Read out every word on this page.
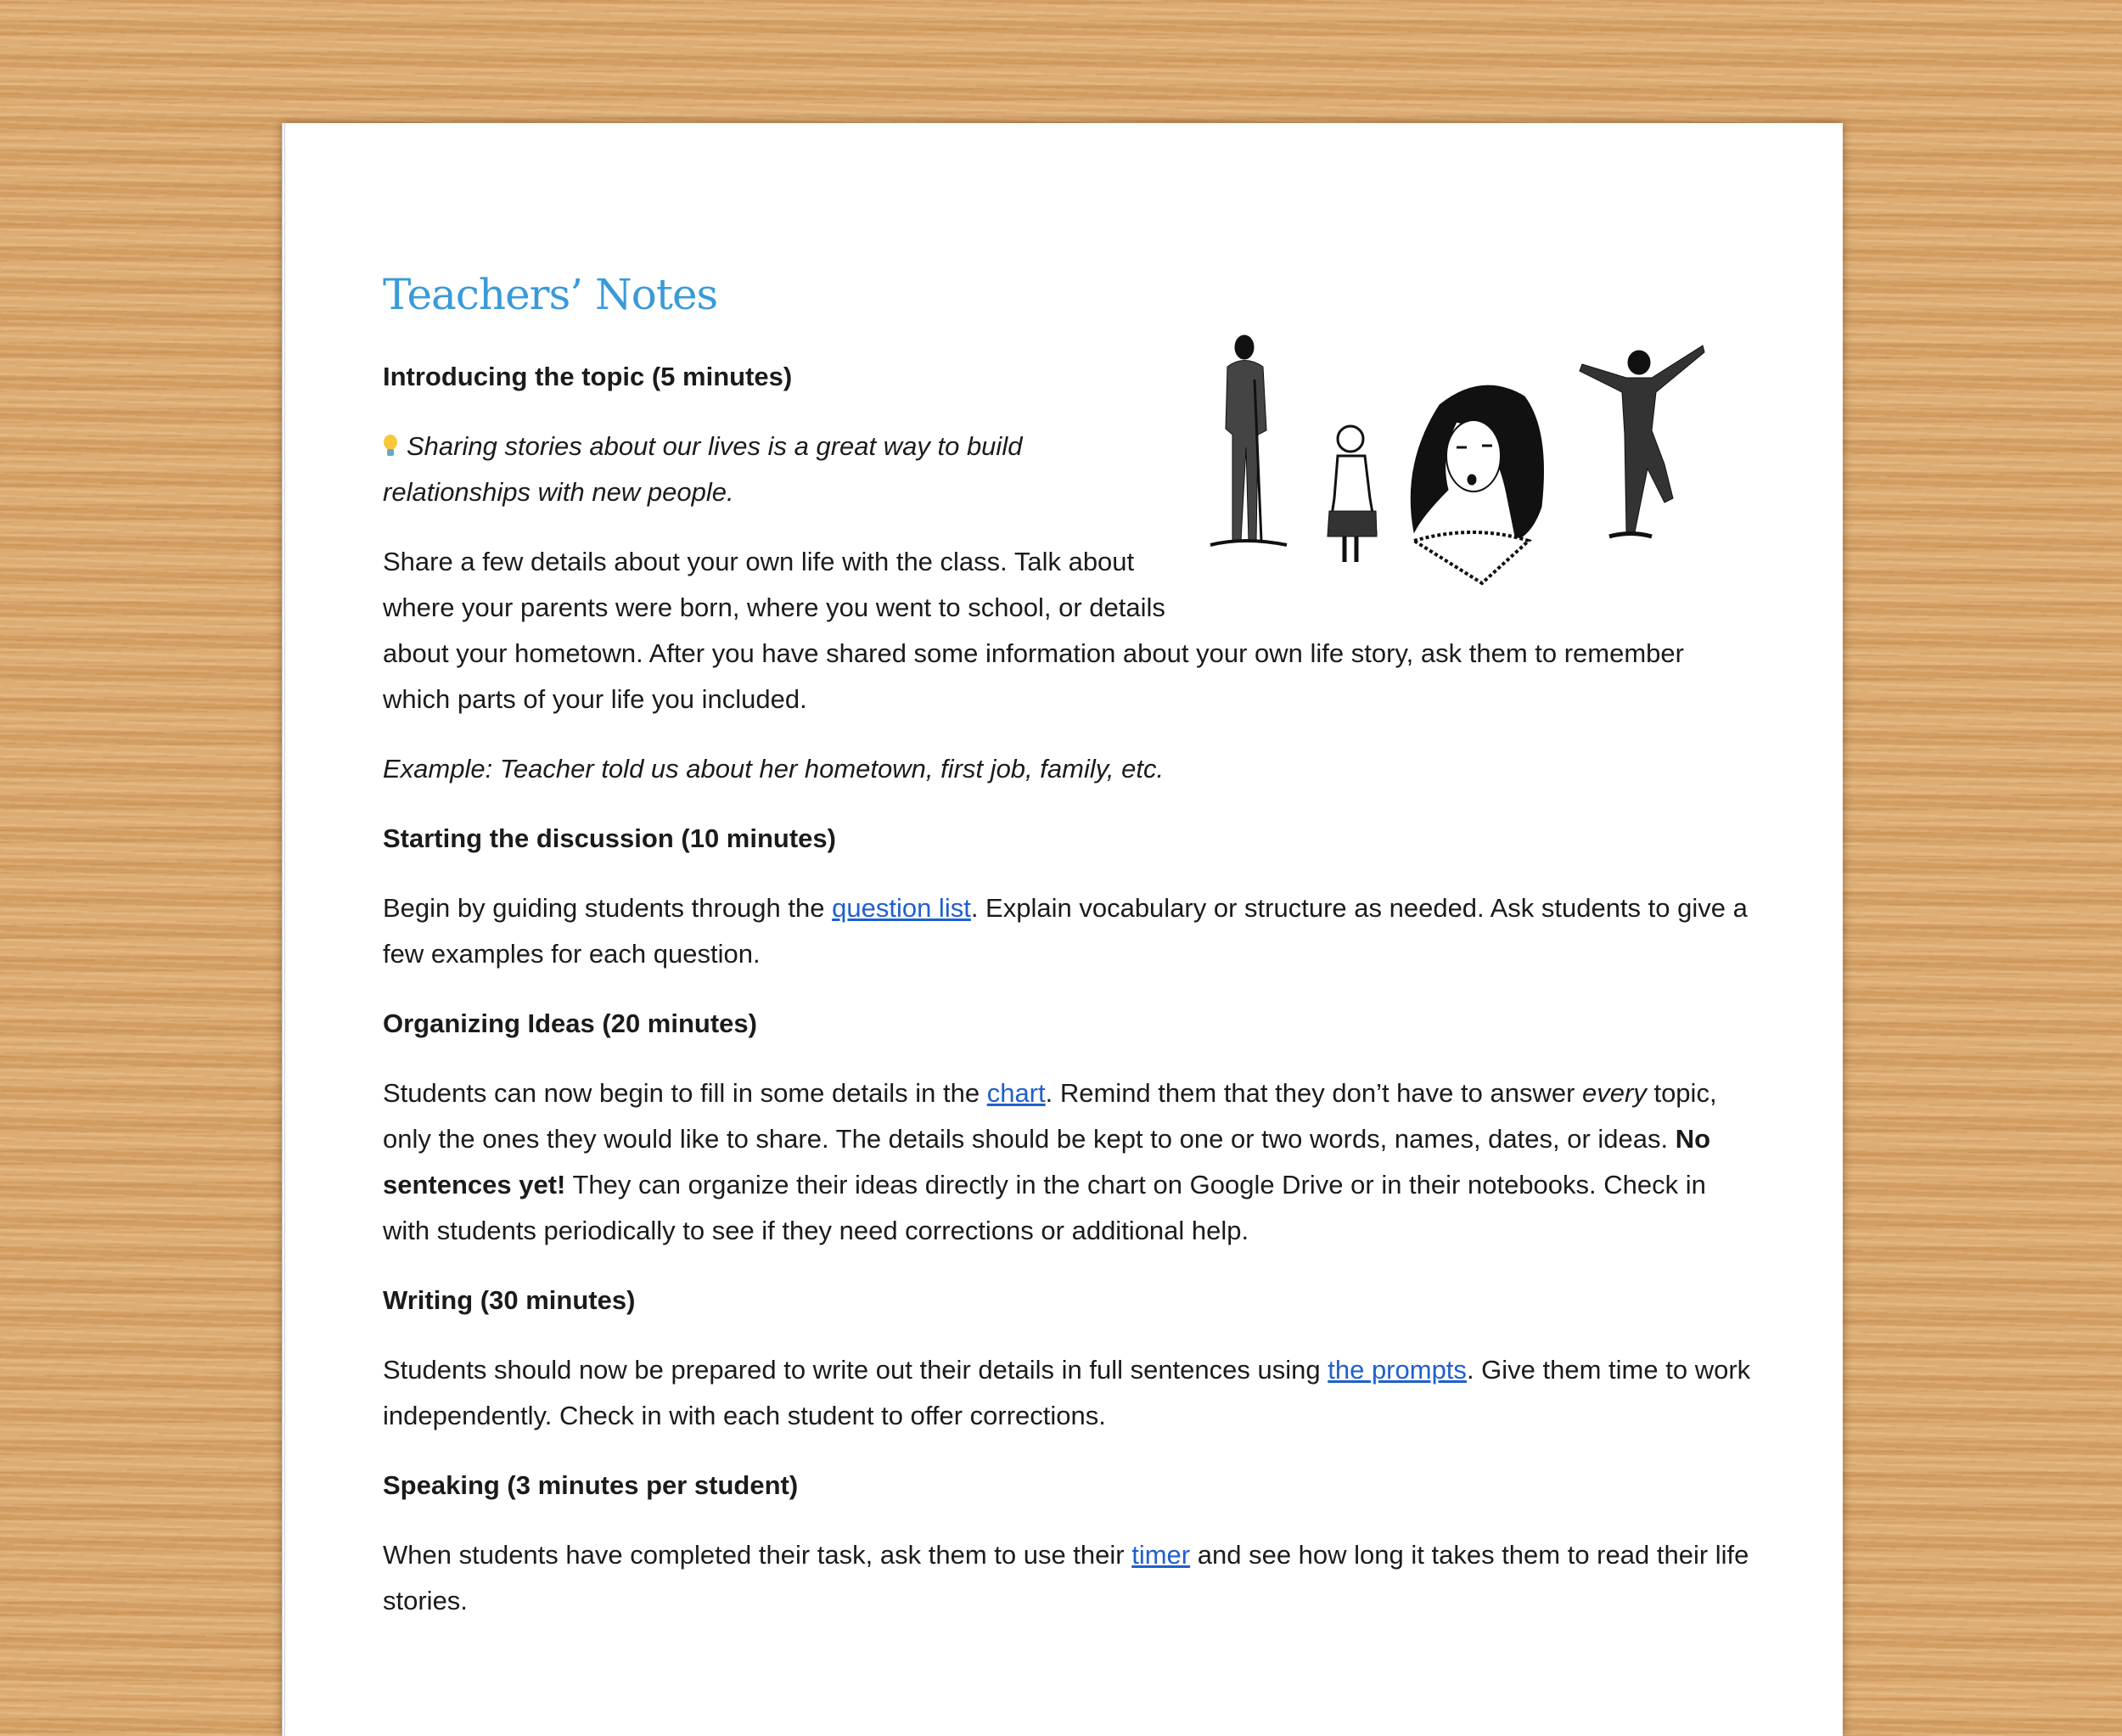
Teachers’ Notes
Introducing the topic (5 minutes)

Sharing stories about our lives is a great way to build relationships with new people.

Share a few details about your own life with the class. Talk about where your parents were born, where you went to school, or details about your hometown. After you have shared some information about your own life story, ask them to remember which parts of your life you included.

Example: Teacher told us about her hometown, first job, family, etc.

Starting the discussion (10 minutes)

Begin by guiding students through the question list. Explain vocabulary or structure as needed. Ask students to give a few examples for each question.

Organizing Ideas (20 minutes)

Students can now begin to fill in some details in the chart. Remind them that they don’t have to answer every topic, only the ones they would like to share. The details should be kept to one or two words, names, dates, or ideas. No sentences yet! They can organize their ideas directly in the chart on Google Drive or in their notebooks. Check in with students periodically to see if they need corrections or additional help.

Writing (30 minutes)

Students should now be prepared to write out their details in full sentences using the prompts. Give them time to work independently. Check in with each student to offer corrections.

Speaking (3 minutes per student)

When students have completed their task, ask them to use their timer and see how long it takes them to read their life stories.
